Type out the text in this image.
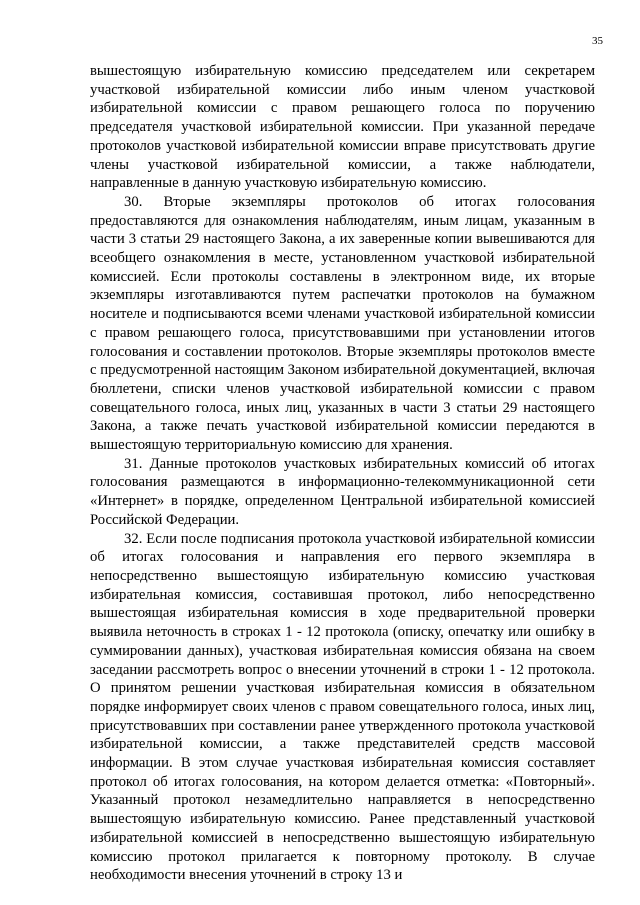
35

вышестоящую избирательную комиссию председателем или секретарем участковой избирательной комиссии либо иным членом участковой избирательной комиссии с правом решающего голоса по поручению председателя участковой избирательной комиссии. При указанной передаче протоколов участковой избирательной комиссии вправе присутствовать другие члены участковой избирательной комиссии, а также наблюдатели, направленные в данную участковую избирательную комиссию.

30. Вторые экземпляры протоколов об итогах голосования предоставляются для ознакомления наблюдателям, иным лицам, указанным в части 3 статьи 29 настоящего Закона, а их заверенные копии вывешиваются для всеобщего ознакомления в месте, установленном участковой избирательной комиссией. Если протоколы составлены в электронном виде, их вторые экземпляры изготавливаются путем распечатки протоколов на бумажном носителе и подписываются всеми членами участковой избирательной комиссии с правом решающего голоса, присутствовавшими при установлении итогов голосования и составлении протоколов. Вторые экземпляры протоколов вместе с предусмотренной настоящим Законом избирательной документацией, включая бюллетени, списки членов участковой избирательной комиссии с правом совещательного голоса, иных лиц, указанных в части 3 статьи 29 настоящего Закона, а также печать участковой избирательной комиссии передаются в вышестоящую территориальную комиссию для хранения.

31. Данные протоколов участковых избирательных комиссий об итогах голосования размещаются в информационно-телекоммуникационной сети «Интернет» в порядке, определенном Центральной избирательной комиссией Российской Федерации.

32. Если после подписания протокола участковой избирательной комиссии об итогах голосования и направления его первого экземпляра в непосредственно вышестоящую избирательную комиссию участковая избирательная комиссия, составившая протокол, либо непосредственно вышестоящая избирательная комиссия в ходе предварительной проверки выявила неточность в строках 1 - 12 протокола (описку, опечатку или ошибку в суммировании данных), участковая избирательная комиссия обязана на своем заседании рассмотреть вопрос о внесении уточнений в строки 1 - 12 протокола. О принятом решении участковая избирательная комиссия в обязательном порядке информирует своих членов с правом совещательного голоса, иных лиц, присутствовавших при составлении ранее утвержденного протокола участковой избирательной комиссии, а также представителей средств массовой информации. В этом случае участковая избирательная комиссия составляет протокол об итогах голосования, на котором делается отметка: «Повторный». Указанный протокол незамедлительно направляется в непосредственно вышестоящую избирательную комиссию. Ранее представленный участковой избирательной комиссией в непосредственно вышестоящую избирательную комиссию протокол прилагается к повторному протоколу. В случае необходимости внесения уточнений в строку 13 и
